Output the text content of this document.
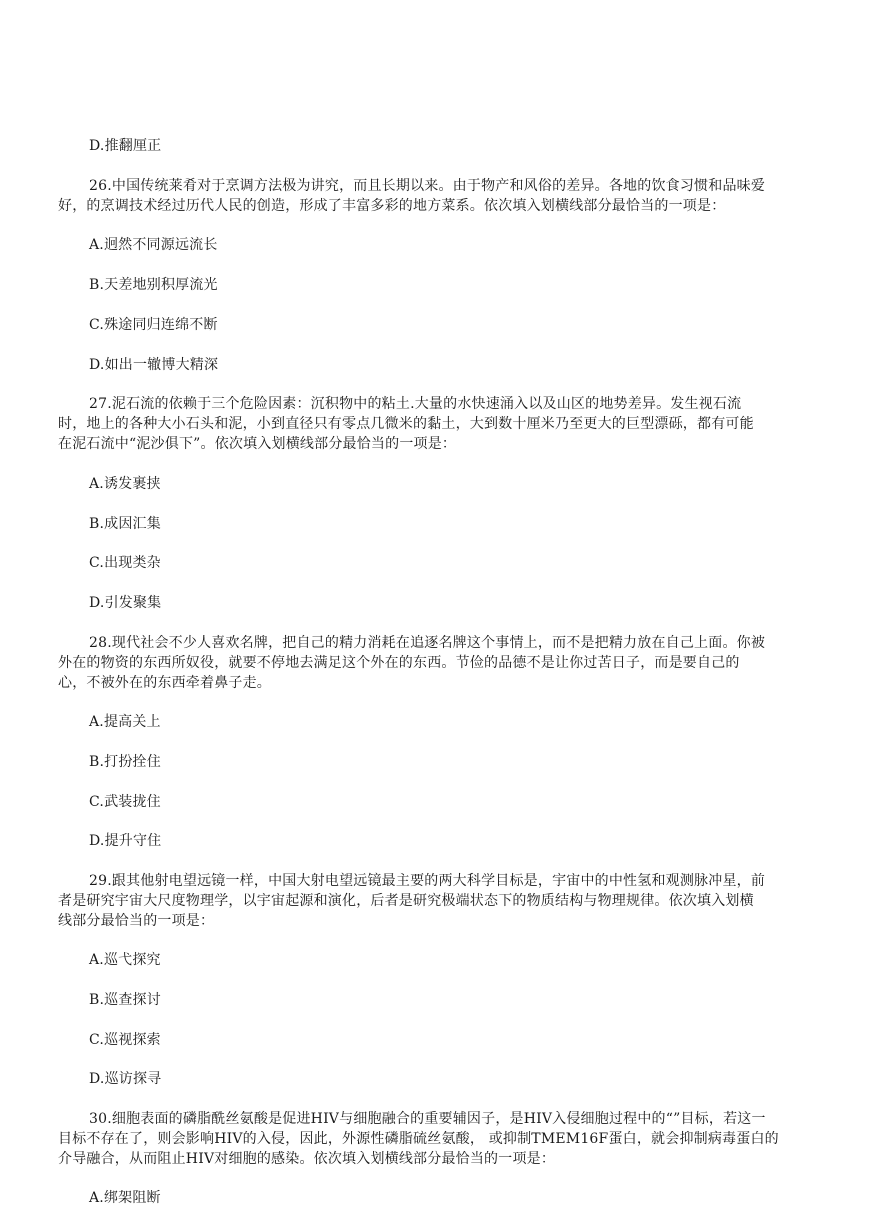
D.推翻厘正
26.中国传统莱肴对于烹调方法极为讲究，而且长期以来。由于物产和风俗的差异。各地的饮食习惯和品味爱
好，的烹调技术经过历代人民的创造，形成了丰富多彩的地方菜系。依次填入划横线部分最恰当的一项是：
A.迥然不同源远流长
B.天差地别积厚流光
C.殊途同归连绵不断
D.如出一辙博大精深
27.泥石流的依赖于三个危险因素：沉积物中的粘土.大量的水快速涌入以及山区的地势差异。发生视石流
时，地上的各种大小石头和泥，小到直径只有零点几微米的黏土，大到数十厘米乃至更大的巨型漂砾，都有可能
在泥石流中“泥沙俱下”。依次填入划横线部分最恰当的一项是：
A.诱发裹挟
B.成因汇集
C.出现类杂
D.引发聚集
28.现代社会不少人喜欢名牌，把自己的精力消耗在追逐名牌这个事情上，而不是把精力放在自己上面。你被
外在的物资的东西所奴役，就要不停地去满足这个外在的东西。节俭的品德不是让你过苦日子，而是要自己的
心，不被外在的东西牵着鼻子走。
A.提高关上
B.打扮拴住
C.武装拢住
D.提升守住
29.跟其他射电望远镜一样，中国大射电望远镜最主要的两大科学目标是，宇宙中的中性氢和观测脉冲星，前
者是研究宇宙大尺度物理学，以宇宙起源和演化，后者是研究极端状态下的物质结构与物理规律。依次填入划横
线部分最恰当的一项是：
A.巡弋探究
B.巡查探讨
C.巡视探索
D.巡访探寻
30.细胞表面的磷脂酰丝氨酸是促进HIV与细胞融合的重要辅因子，是HIV入侵细胞过程中的“”目标，若这一
目标不存在了，则会影响HIV的入侵，因此，外源性磷脂硫丝氨酸， 或抑制TMEM16F蛋白，就会抑制病毒蛋白的
介导融合，从而阻止HIV对细胞的感染。依次填入划横线部分最恰当的一项是：
A.绑架阻断
